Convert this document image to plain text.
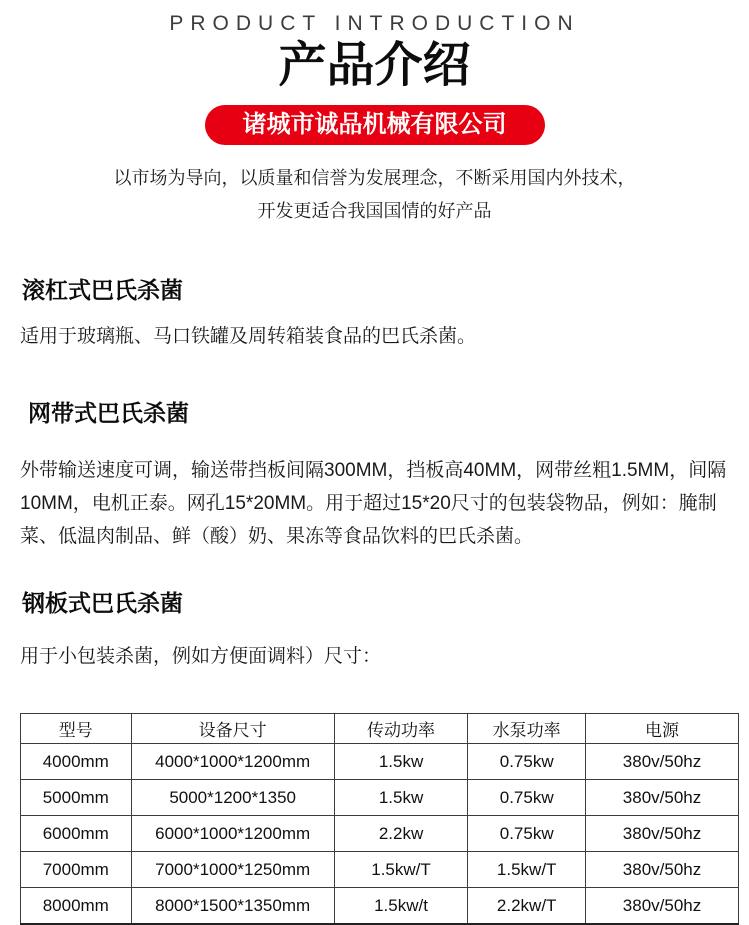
PRODUCT INTRODUCTION
产品介绍
诸城市诚品机械有限公司
以市场为导向，以质量和信誉为发展理念，不断采用国内外技术，
开发更适合我国国情的好产品
滚杠式巴氏杀菌

适用于玻璃瓶、马口铁罐及周转箱装食品的巴氏杀菌。

网带式巴氏杀菌

外带输送速度可调，输送带挡板间隔300MM，挡板高40MM，网带丝粗1.5MM，间隔10MM，电机正泰。网孔15*20MM。用于超过15*20尺寸的包装袋物品，例如：腌制菜、低温肉制品、鲜（酸）奶、果冻等食品饮料的巴氏杀菌。

钢板式巴氏杀菌

用于小包装杀菌，例如方便面调料）尺寸：

型号	设备尺寸	传动功率	水泵功率	电源
4000mm	4000*1000*1200mm	1.5kw	0.75kw	380v/50hz
5000mm	5000*1200*1350	1.5kw	0.75kw	380v/50hz
6000mm	6000*1000*1200mm	2.2kw	0.75kw	380v/50hz
7000mm	7000*1000*1250mm	1.5kw/T	1.5kw/T	380v/50hz
8000mm	8000*1500*1350mm	1.5kw/t	2.2kw/T	380v/50hz
